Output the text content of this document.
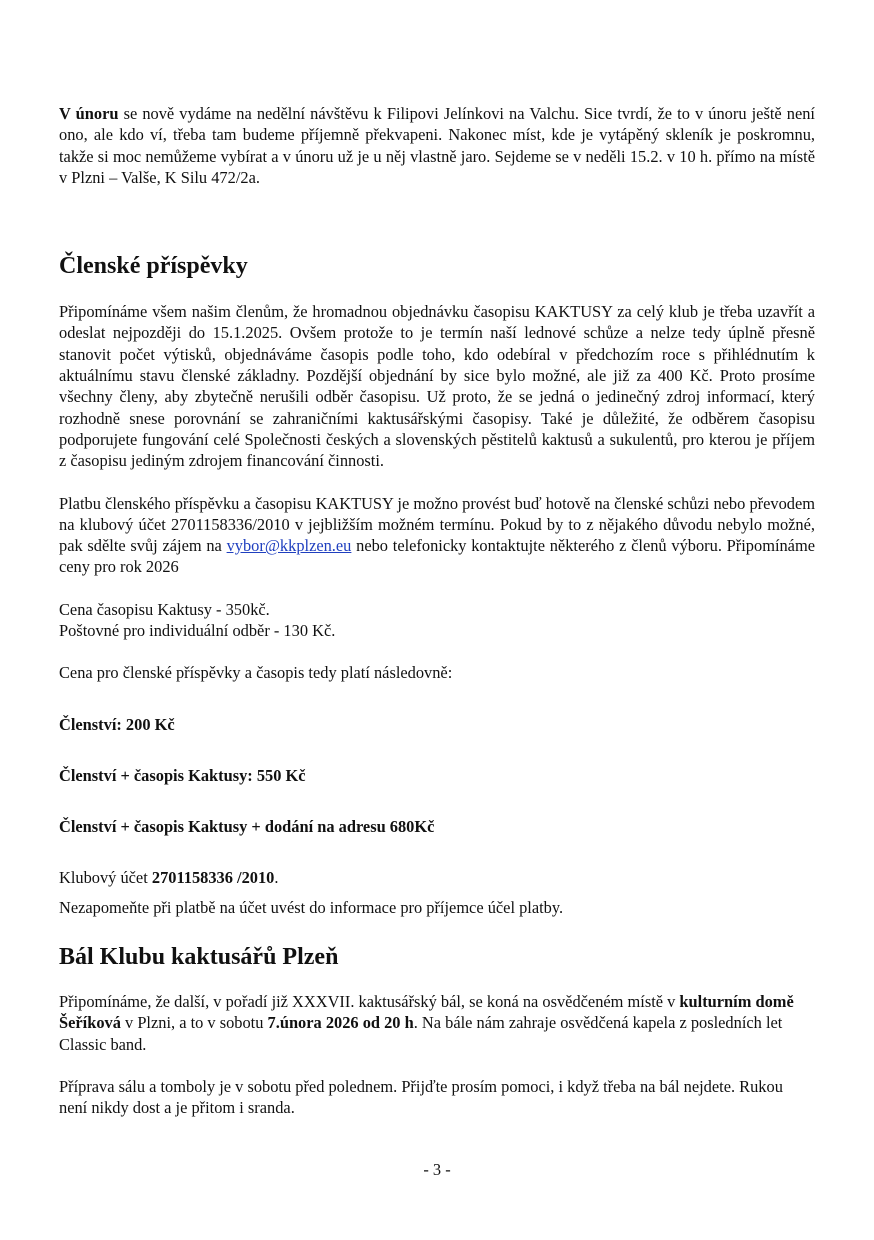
V únoru se nově vydáme na nedělní návštěvu k Filipovi Jelínkovi na Valchu. Sice tvrdí, že to v únoru ještě není ono, ale kdo ví, třeba tam budeme příjemně překvapeni. Nakonec míst, kde je vytápěný skleník je poskromnu, takže si moc nemůžeme vybírat a v únoru už je u něj vlastně jaro. Sejdeme se v neděli 15.2. v 10 h. přímo na místě v Plzni – Valše, K Silu 472/2a.

Členské příspěvky

Připomínáme všem našim členům, že hromadnou objednávku časopisu KAKTUSY za celý klub je třeba uzavřít a odeslat nejpozději do 15.1.2025. Ovšem protože to je termín naší lednové schůze a nelze tedy úplně přesně stanovit počet výtisků, objednáváme časopis podle toho, kdo odebíral v předchozím roce s přihlédnutím k aktuálnímu stavu členské základny. Pozdější objednání by sice bylo možné, ale již za 400 Kč. Proto prosíme všechny členy, aby zbytečně nerušili odběr časopisu. Už proto, že se jedná o jedinečný zdroj informací, který rozhodně snese porovnání se zahraničními kaktusářskými časopisy. Také je důležité, že odběrem časopisu podporujete fungování celé Společnosti českých a slovenských pěstitelů kaktusů a sukulentů, pro kterou je příjem z časopisu jediným zdrojem financování činnosti.

Platbu členského příspěvku a časopisu KAKTUSY je možno provést buď hotově na členské schůzi nebo převodem na klubový účet 2701158336/2010 v jejbližším možném termínu. Pokud by to z nějakého důvodu nebylo možné, pak sdělte svůj zájem na vybor@kkplzen.eu nebo telefonicky kontaktujte některého z členů výboru. Připomínáme ceny pro rok 2026

Cena časopisu Kaktusy - 350kč.

Poštovné pro individuální odběr - 130 Kč.

Cena pro členské příspěvky a časopis tedy platí následovně:

Členství: 200 Kč

Členství + časopis Kaktusy: 550 Kč

Členství + časopis Kaktusy + dodání na adresu 680Kč

Klubový účet 2701158336 /2010.

Nezapomeňte při platbě na účet uvést do informace pro příjemce účel platby.

Bál Klubu kaktusářů Plzeň

Připomínáme, že další, v pořadí již XXXVII. kaktusářský bál, se koná na osvědčeném místě v kulturním domě Šeříková v Plzni, a to v sobotu 7.února 2026 od 20 h. Na bále nám zahraje osvědčená kapela z posledních let Classic band.

Příprava sálu a tomboly je v sobotu před polednem. Přijďte prosím pomoci, i když třeba na bál nejdete. Rukou není nikdy dost a je přitom i sranda.

- 3 -
